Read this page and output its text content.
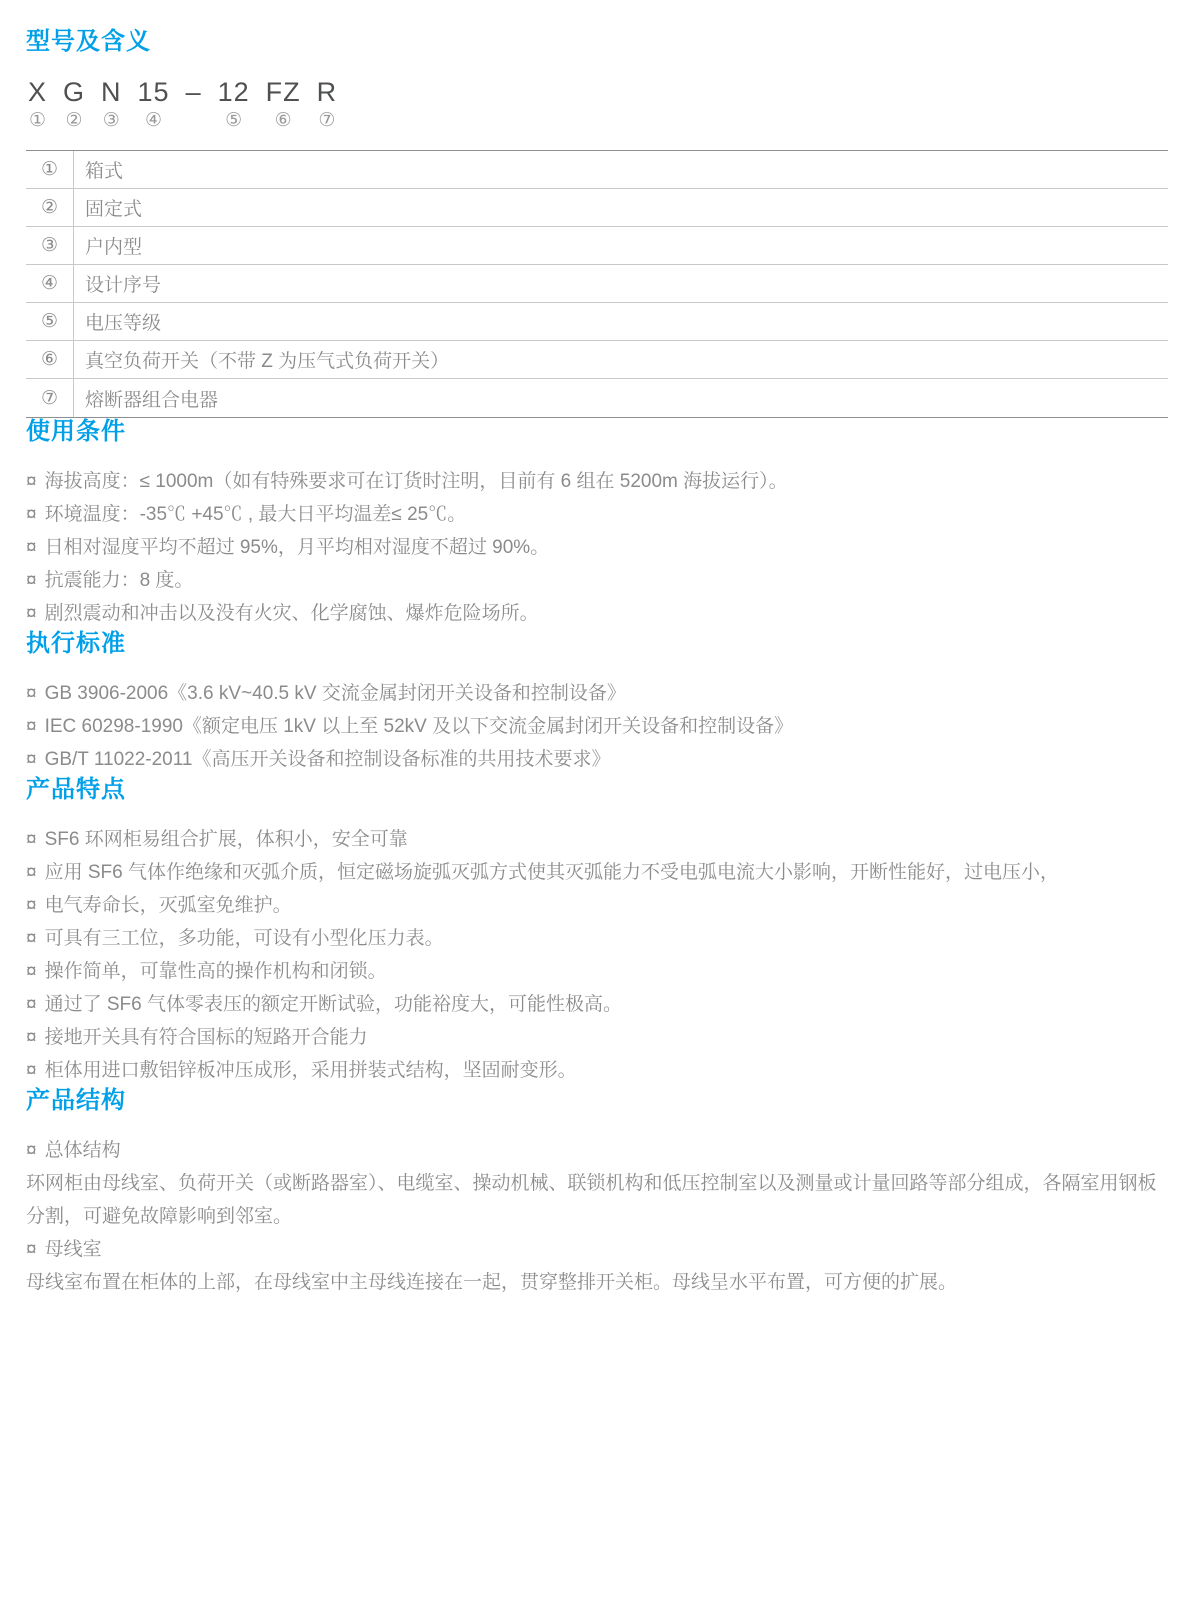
型号及含义
X
①
G
②
N
③
15
④
– 12
⑤
FZ
⑥
R
⑦
①	箱式
②	固定式
③	户内型
④	设计序号
⑤	电压等级
⑥	真空负荷开关（不带 Z 为压气式负荷开关）
⑦	熔断器组合电器
使用条件
¤ 海拔高度：≤ 1000m（如有特殊要求可在订货时注明，目前有 6 组在 5200m 海拔运行）。
¤ 环境温度：-35℃ +45℃ , 最大日平均温差≤ 25℃。
¤ 日相对湿度平均不超过 95%，月平均相对湿度不超过 90%。
¤ 抗震能力：8 度。
¤ 剧烈震动和冲击以及没有火灾、化学腐蚀、爆炸危险场所。
执行标准
¤ GB 3906-2006《3.6 kV~40.5 kV 交流金属封闭开关设备和控制设备》
¤ IEC 60298-1990《额定电压 1kV 以上至 52kV 及以下交流金属封闭开关设备和控制设备》
¤ GB/T 11022-2011《高压开关设备和控制设备标准的共用技术要求》
产品特点
¤ SF6 环网柜易组合扩展，体积小，安全可靠
¤ 应用 SF6 气体作绝缘和灭弧介质，恒定磁场旋弧灭弧方式使其灭弧能力不受电弧电流大小影响，开断性能好，过电压小，
¤ 电气寿命长，灭弧室免维护。
¤ 可具有三工位，多功能，可设有小型化压力表。
¤ 操作简单，可靠性高的操作机构和闭锁。
¤ 通过了 SF6 气体零表压的额定开断试验，功能裕度大，可能性极高。
¤ 接地开关具有符合国标的短路开合能力
¤ 柜体用进口敷铝锌板冲压成形，采用拼装式结构，坚固耐变形。
产品结构
¤ 总体结构
环网柜由母线室、负荷开关（或断路器室）、电缆室、操动机械、联锁机构和低压控制室以及测量或计量回路等部分组成，各隔室用钢板分割，可避免故障影响到邻室。
¤ 母线室
母线室布置在柜体的上部，在母线室中主母线连接在一起，贯穿整排开关柜。母线呈水平布置，可方便的扩展。
